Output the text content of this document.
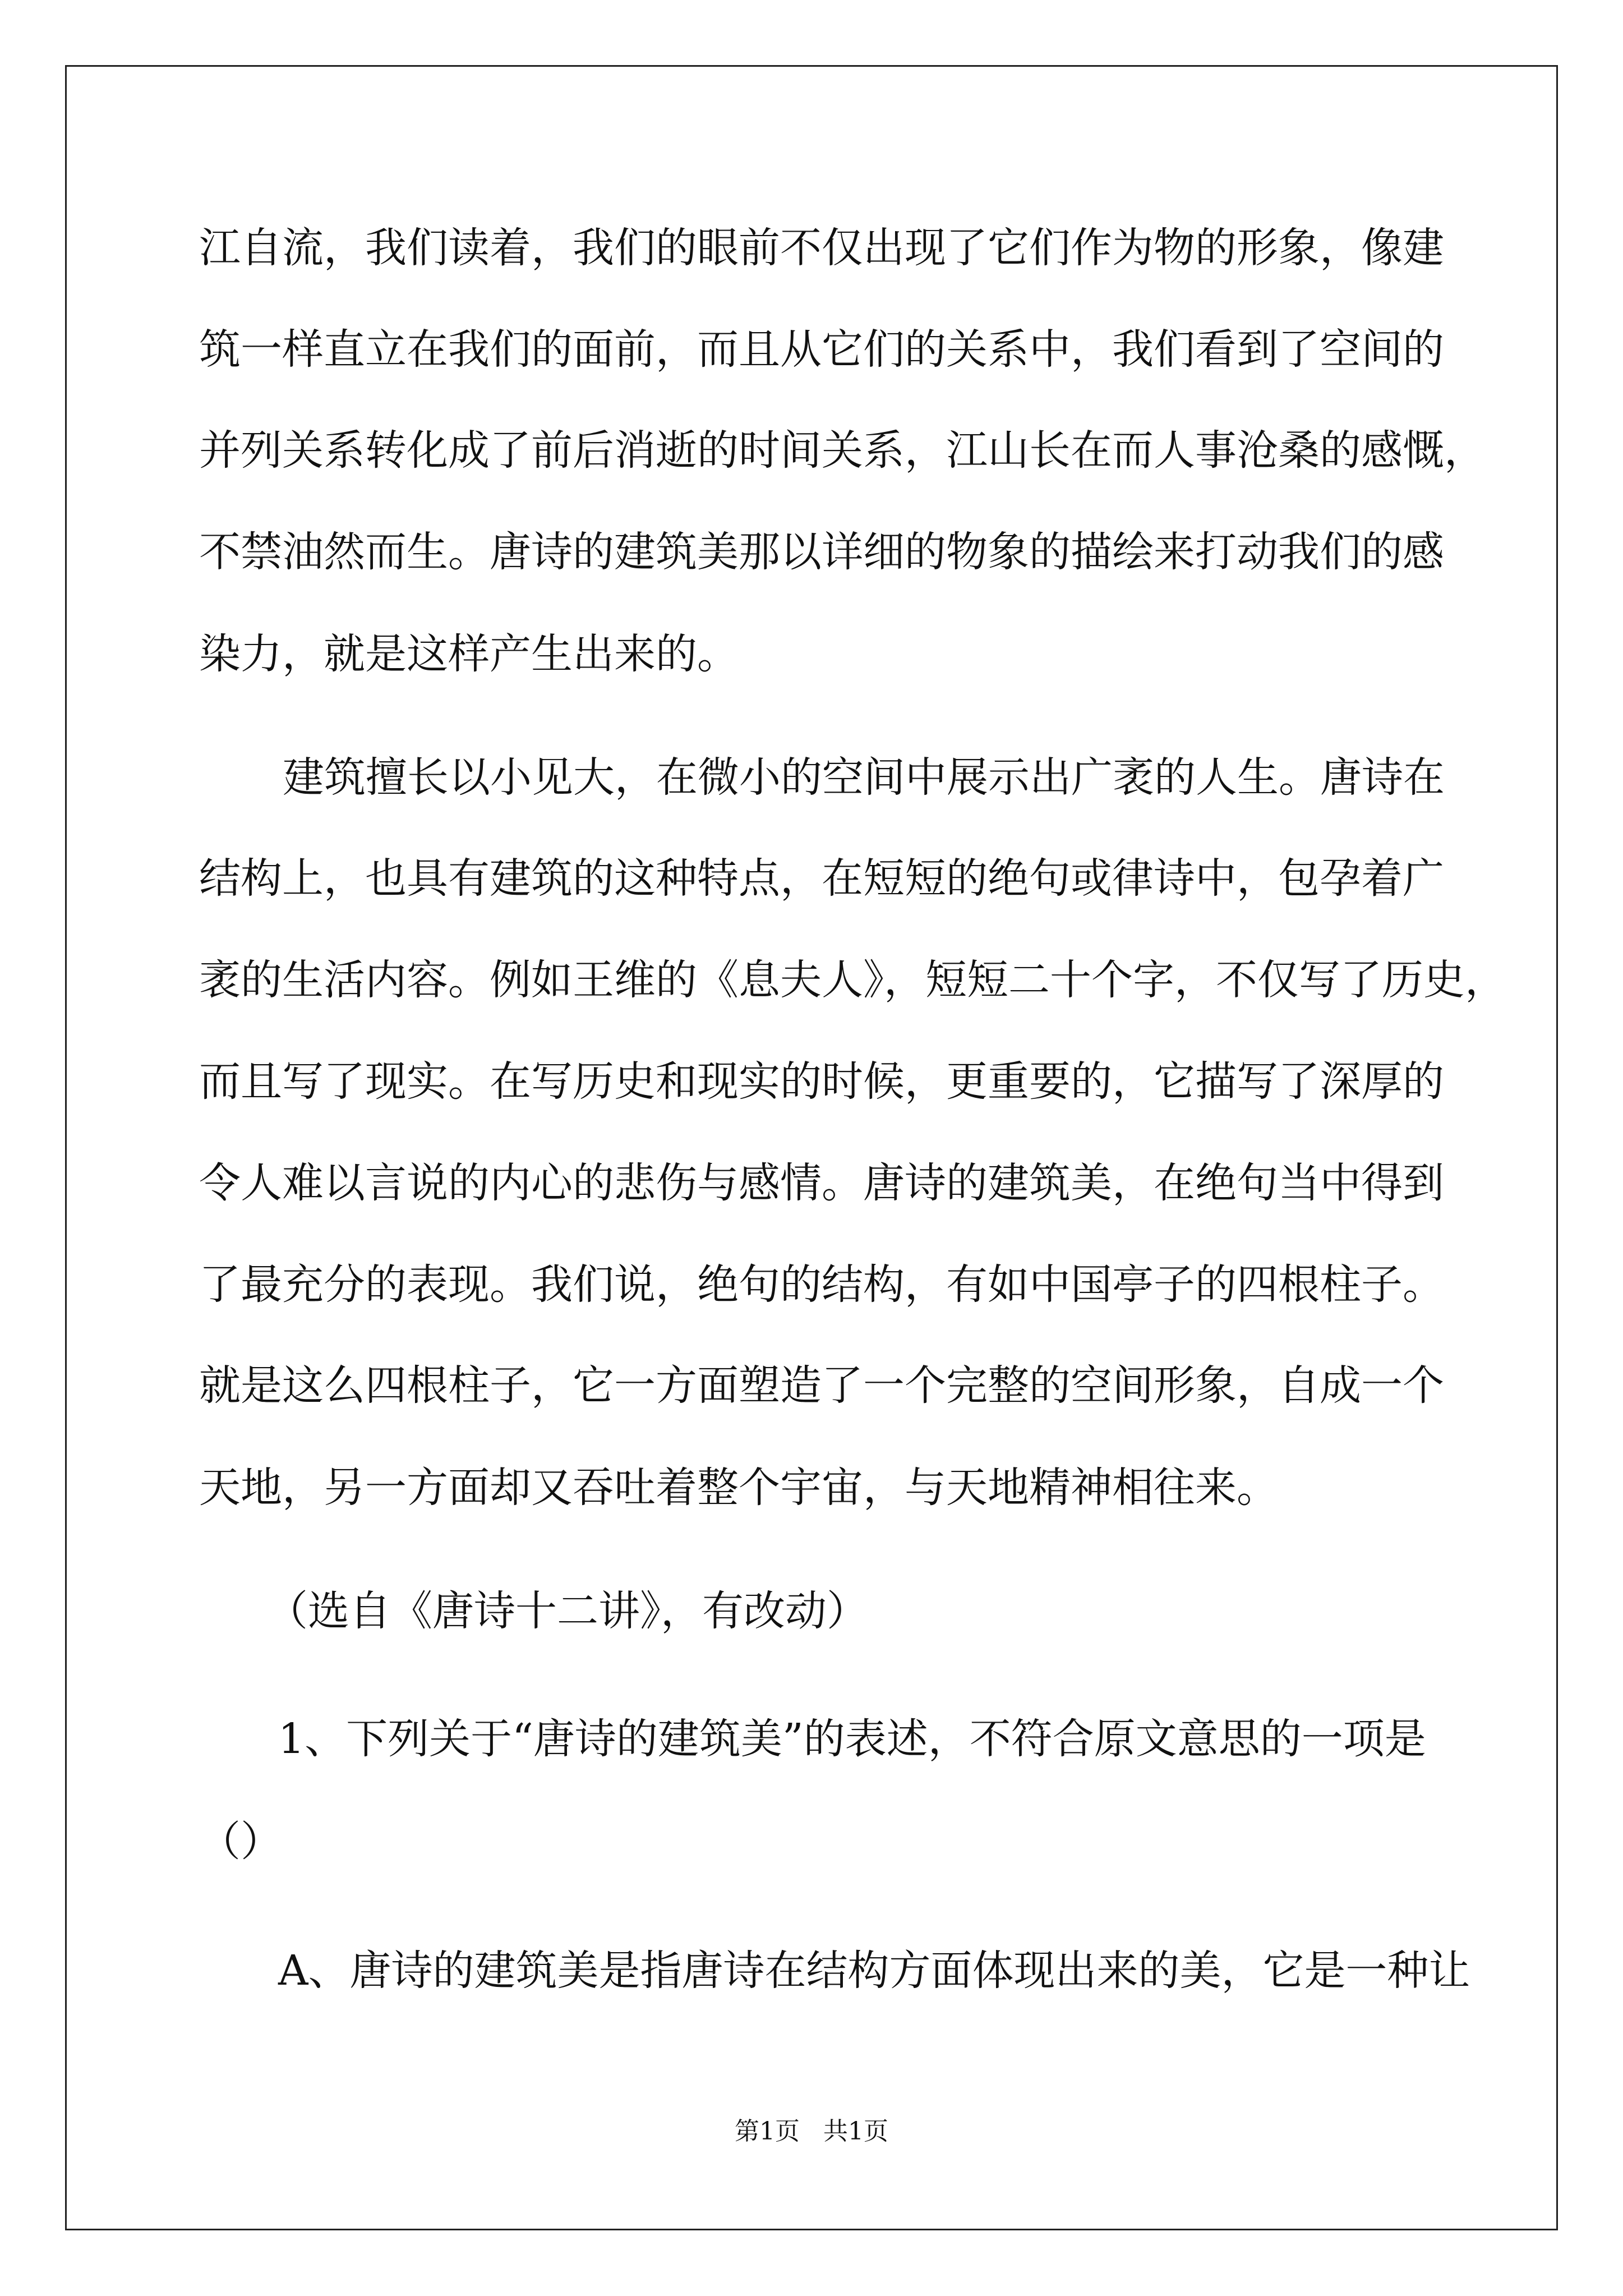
江自流，我们读着，我们的眼前不仅出现了它们作为物的形象，像建
筑一样直立在我们的面前，而且从它们的关系中，我们看到了空间的
并列关系转化成了前后消逝的时间关系，江山长在而人事沧桑的感慨，
不禁油然而生。唐诗的建筑美那以详细的物象的描绘来打动我们的感
染力，就是这样产生出来的。
建筑擅长以小见大，在微小的空间中展示出广袤的人生。唐诗在
结构上，也具有建筑的这种特点，在短短的绝句或律诗中，包孕着广
袤的生活内容。例如王维的《息夫人》，短短二十个字，不仅写了历史，
而且写了现实。在写历史和现实的时候，更重要的，它描写了深厚的
令人难以言说的内心的悲伤与感情。唐诗的建筑美，在绝句当中得到
了最充分的表现。我们说，绝句的结构，有如中国亭子的四根柱子。
就是这么四根柱子，它一方面塑造了一个完整的空间形象，自成一个
天地，另一方面却又吞吐着整个宇宙，与天地精神相往来。
（选自《唐诗十二讲》，有改动）
1、下列关于“唐诗的建筑美”的表述，不符合原文意思的一项是
（）
A、唐诗的建筑美是指唐诗在结构方面体现出来的美，它是一种让
第1页   共1页
